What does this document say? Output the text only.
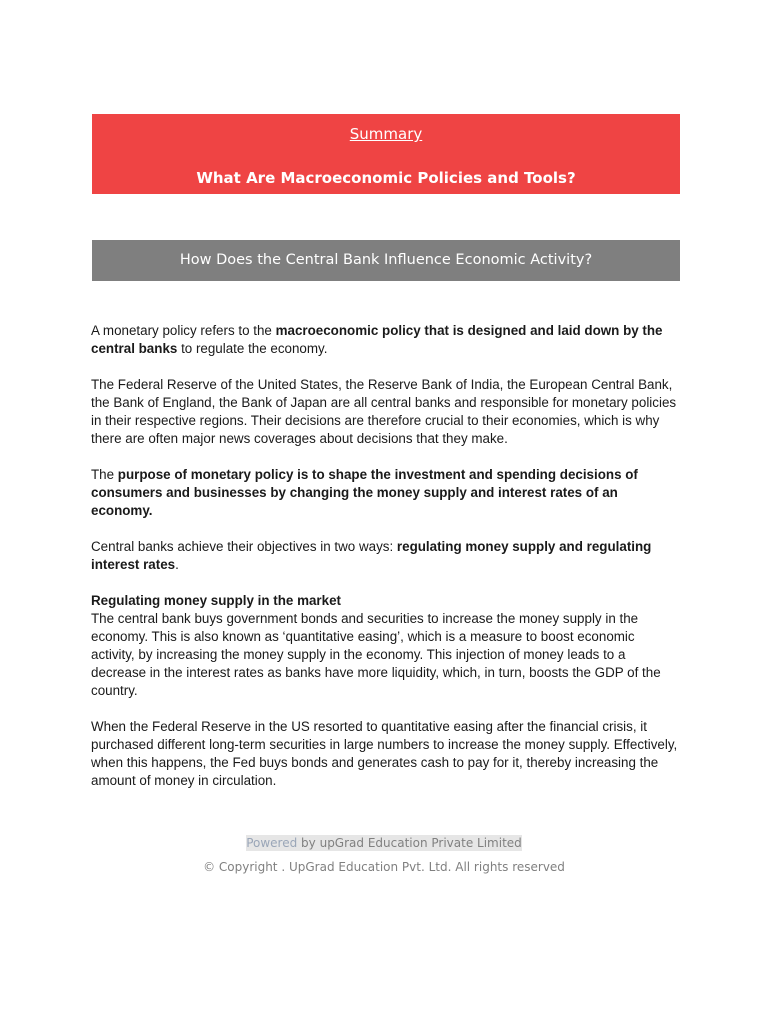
Summary
What Are Macroeconomic Policies and Tools?
How Does the Central Bank Influence Economic Activity?

A monetary policy refers to the macroeconomic policy that is designed and laid down by the central banks to regulate the economy.

The Federal Reserve of the United States, the Reserve Bank of India, the European Central Bank, the Bank of England, the Bank of Japan are all central banks and responsible for monetary policies in their respective regions. Their decisions are therefore crucial to their economies, which is why there are often major news coverages about decisions that they make.

The purpose of monetary policy is to shape the investment and spending decisions of consumers and businesses by changing the money supply and interest rates of an economy.

Central banks achieve their objectives in two ways: regulating money supply and regulating interest rates.

Regulating money supply in the market
The central bank buys government bonds and securities to increase the money supply in the economy. This is also known as ‘quantitative easing’, which is a measure to boost economic activity, by increasing the money supply in the economy. This injection of money leads to a decrease in the interest rates as banks have more liquidity, which, in turn, boosts the GDP of the country.

When the Federal Reserve in the US resorted to quantitative easing after the financial crisis, it purchased different long-term securities in large numbers to increase the money supply. Effectively, when this happens, the Fed buys bonds and generates cash to pay for it, thereby increasing the amount of money in circulation.

Powered by upGrad Education Private Limited
© Copyright . UpGrad Education Pvt. Ltd. All rights reserved
